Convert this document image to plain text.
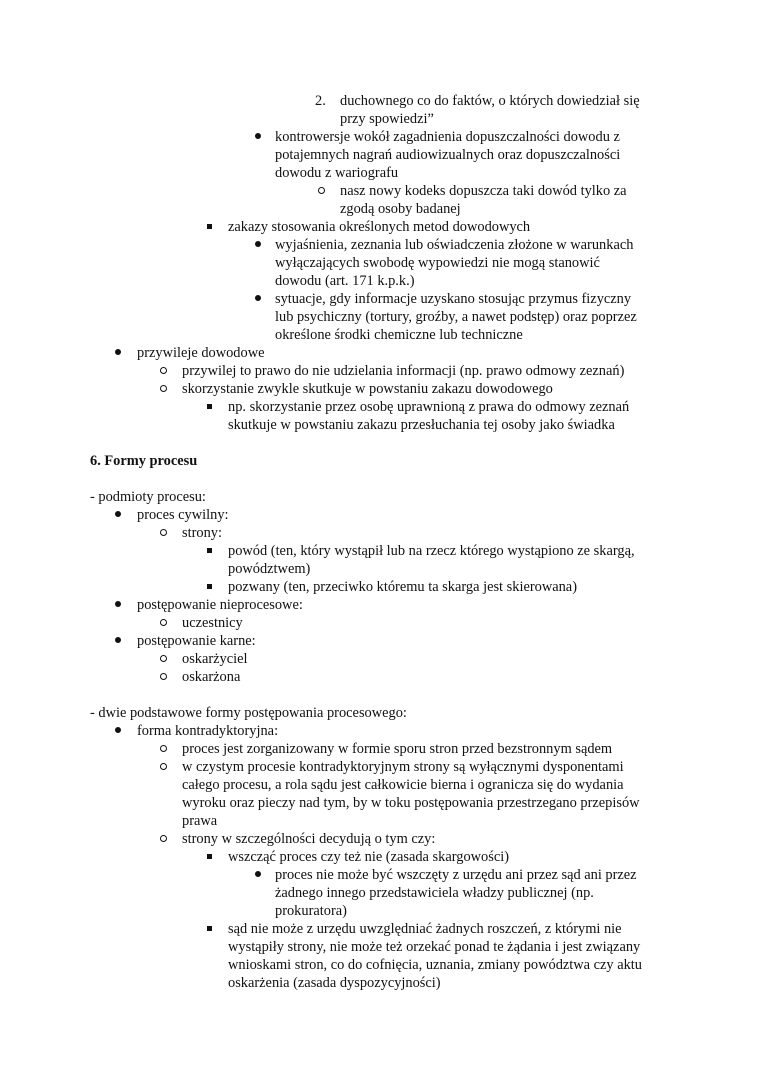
2. duchownego co do faktów, o których dowiedział się
przy spowiedzi”
kontrowersje wokół zagadnienia dopuszczalności dowodu z
potajemnych nagrań audiowizualnych oraz dopuszczalności
dowodu z wariografu
nasz nowy kodeks dopuszcza taki dowód tylko za
zgodą osoby badanej
zakazy stosowania określonych metod dowodowych
wyjaśnienia, zeznania lub oświadczenia złożone w warunkach
wyłączających swobodę wypowiedzi nie mogą stanowić
dowodu (art. 171 k.p.k.)
sytuacje, gdy informacje uzyskano stosując przymus fizyczny
lub psychiczny (tortury, groźby, a nawet podstęp) oraz poprzez
określone środki chemiczne lub techniczne
przywileje dowodowe
przywilej to prawo do nie udzielania informacji (np. prawo odmowy zeznań)
skorzystanie zwykle skutkuje w powstaniu zakazu dowodowego
np. skorzystanie przez osobę uprawnioną z prawa do odmowy zeznań
skutkuje w powstaniu zakazu przesłuchania tej osoby jako świadka
6. Formy procesu
- podmioty procesu:
proces cywilny:
strony:
powód (ten, który wystąpił lub na rzecz którego wystąpiono ze skargą,
powództwem)
pozwany (ten, przeciwko któremu ta skarga jest skierowana)
postępowanie nieprocesowe:
uczestnicy
postępowanie karne:
oskarżyciel
oskarżona
- dwie podstawowe formy postępowania procesowego:
forma kontradyktoryjna:
proces jest zorganizowany w formie sporu stron przed bezstronnym sądem
w czystym procesie kontradyktoryjnym strony są wyłącznymi dysponentami
całego procesu, a rola sądu jest całkowicie bierna i ogranicza się do wydania
wyroku oraz pieczy nad tym, by w toku postępowania przestrzegano przepisów
prawa
strony w szczególności decydują o tym czy:
wszcząć proces czy też nie (zasada skargowości)
proces nie może być wszczęty z urzędu ani przez sąd ani przez
żadnego innego przedstawiciela władzy publicznej (np.
prokuratora)
sąd nie może z urzędu uwzględniać żadnych roszczeń, z którymi nie
wystąpiły strony, nie może też orzekać ponad te żądania i jest związany
wnioskami stron, co do cofnięcia, uznania, zmiany powództwa czy aktu
oskarżenia (zasada dyspozycyjności)
